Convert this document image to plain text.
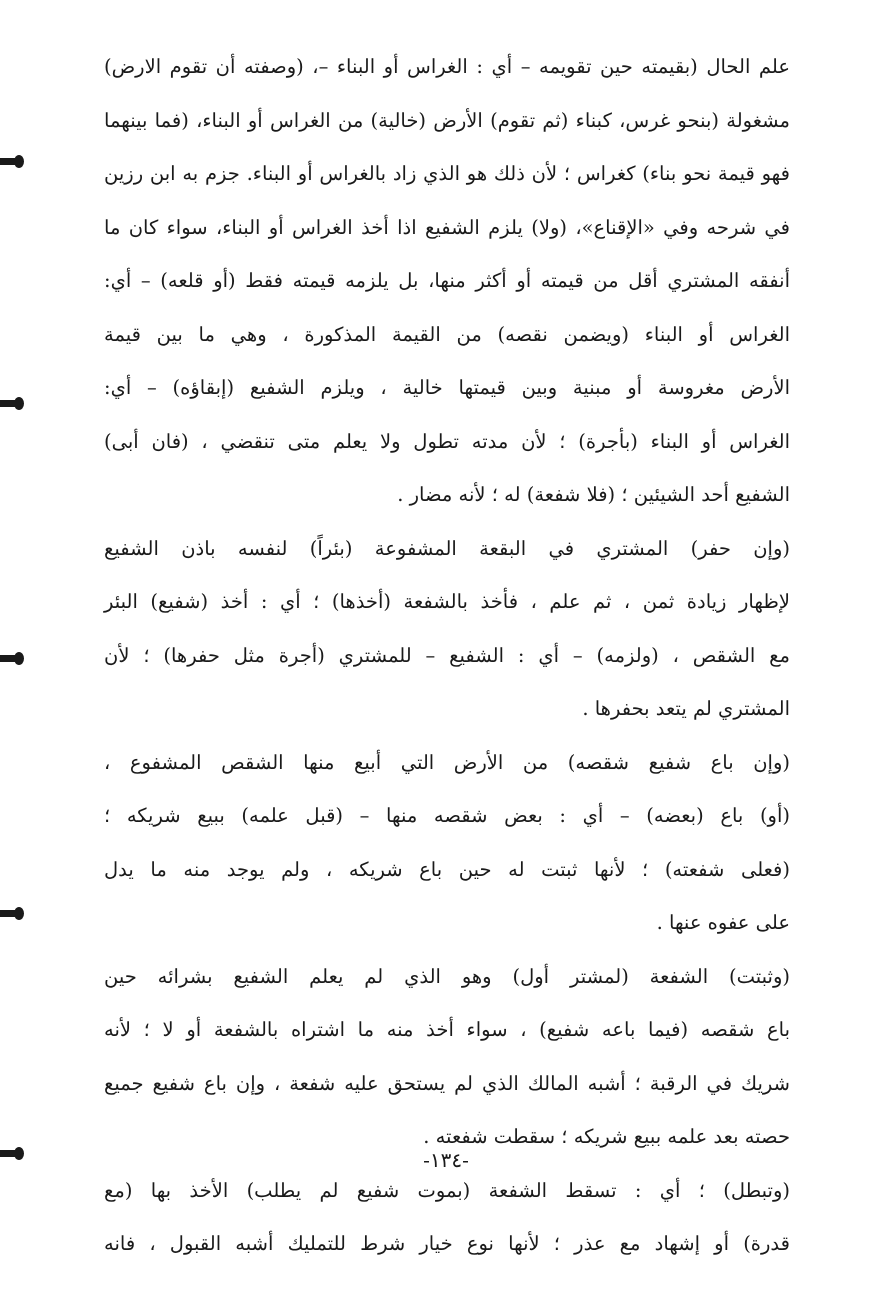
علم الحال (بقيمته حين تقويمه – أي : الغراس أو البناء –، (وصفته أن تقوم الارض)
مشغولة (بنحو غرس، كبناء (ثم تقوم) الأرض (خالية) من الغراس أو البناء، (فما بينهما
فهو قيمة نحو بناء) كغراس ؛ لأن ذلك هو الذي زاد بالغراس أو البناء. جزم به ابن رزين
في شرحه وفي «الإقناع»، (ولا) يلزم الشفيع اذا أخذ الغراس أو البناء، سواء كان ما
أنفقه المشتري أقل من قيمته أو أكثر منها، بل يلزمه قيمته فقط (أو قلعه) – أي:
الغراس أو البناء (ويضمن نقصه) من القيمة المذكورة ، وهي ما بين قيمة
الأرض مغروسة أو مبنية وبين قيمتها خالية ، ويلزم الشفيع (إبقاؤه) – أي:
الغراس أو البناء (بأجرة) ؛ لأن مدته تطول ولا يعلم متى تنقضي ، (فان أبى)
الشفيع أحد الشيئين ؛ (فلا شفعة) له ؛ لأنه مضار .
(وإن حفر) المشتري في البقعة المشفوعة (بئراً) لنفسه باذن الشفيع
لإظهار زيادة ثمن ، ثم علم ، فأخذ بالشفعة (أخذها) ؛ أي : أخذ (شفيع) البئر
مع الشقص ، (ولزمه) – أي : الشفيع – للمشتري (أجرة مثل حفرها) ؛ لأن
المشتري لم يتعد بحفرها .
(وإن باع شفيع شقصه) من الأرض التي أبيع منها الشقص المشفوع ،
(أو) باع (بعضه) – أي : بعض شقصه منها – (قبل علمه) ببيع شريكه ؛
(فعلى شفعته) ؛ لأنها ثبتت له حين باع شريكه ، ولم يوجد منه ما يدل
على عفوه عنها .
(وثبتت) الشفعة (لمشتر أول) وهو الذي لم يعلم الشفيع بشرائه حين
باع شقصه (فيما باعه شفيع) ، سواء أخذ منه ما اشتراه بالشفعة أو لا ؛ لأنه
شريك في الرقبة ؛ أشبه المالك الذي لم يستحق عليه شفعة ، وإن باع شفيع جميع
حصته بعد علمه ببيع شريكه ؛ سقطت شفعته .
(وتبطل) ؛ أي : تسقط الشفعة (بموت شفيع لم يطلب) الأخذ بها (مع
قدرة) أو إشهاد مع عذر ؛ لأنها نوع خيار شرط للتمليك أشبه القبول ، فانه
-١٣٤-
